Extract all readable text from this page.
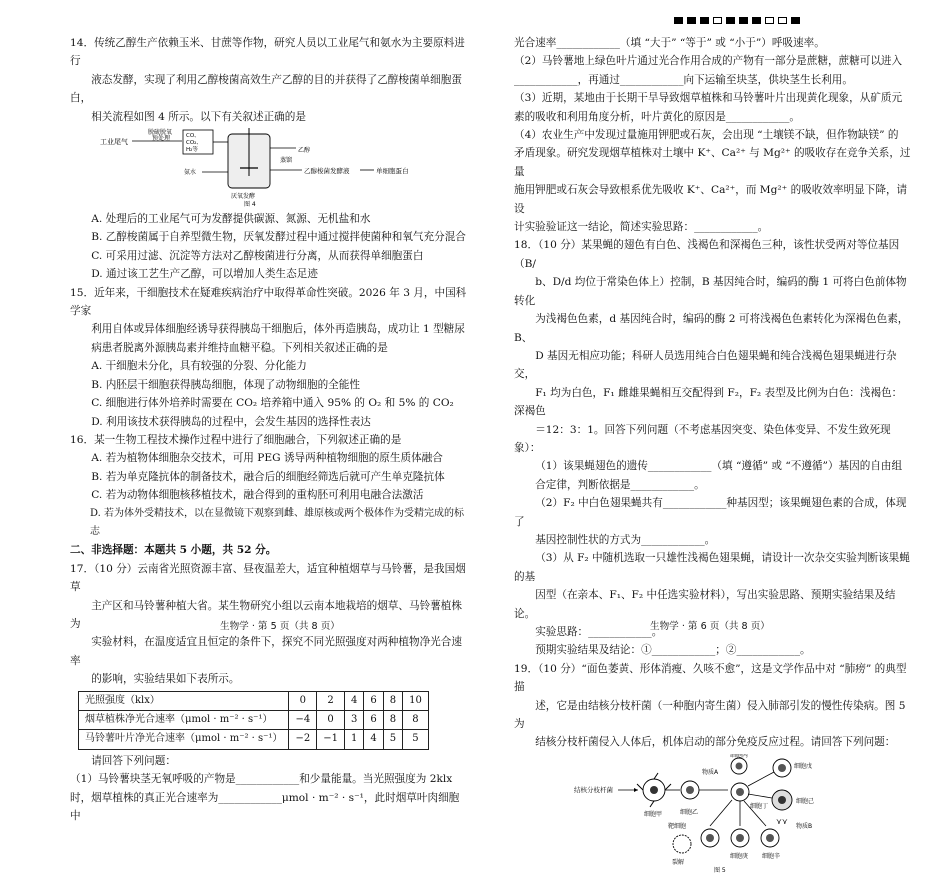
14．传统乙醇生产依赖玉米、甘蔗等作物，研究人员以工业尾气和氨水为主要原料进行

液态发酵，实现了利用乙醇梭菌高效生产乙醇的目的并获得了乙醇梭菌单细胞蛋白，

相关流程如图 4 所示。以下有关叙述正确的是

工业尾气
脱硫脱氧
预处理	CO、
CO₂、
H₂等
氨水
厌氧发酵
乙醇
蒸馏
乙醇梭菌发酵液	单细胞蛋白
图 4

A. 处理后的工业尾气可为发酵提供碳源、氮源、无机盐和水

B. 乙醇梭菌属于自养型微生物，厌氧发酵过程中通过搅拌使菌种和氧气充分混合

C. 可采用过滤、沉淀等方法对乙醇梭菌进行分离，从而获得单细胞蛋白

D. 通过该工艺生产乙醇，可以增加人类生态足迹

15．近年来，干细胞技术在疑难疾病治疗中取得革命性突破。2026 年 3 月，中国科学家

利用自体或异体细胞经诱导获得胰岛干细胞后，体外再造胰岛，成功让 1 型糖尿

病患者脱离外源胰岛素并维持血糖平稳。下列相关叙述正确的是

A. 干细胞未分化，具有较强的分裂、分化能力

B. 内胚层干细胞获得胰岛细胞，体现了动物细胞的全能性

C. 细胞进行体外培养时需要在 CO₂ 培养箱中通入 95% 的 O₂ 和 5% 的 CO₂

D. 利用该技术获得胰岛的过程中，会发生基因的选择性表达

16．某一生物工程技术操作过程中进行了细胞融合，下列叙述正确的是

A. 若为植物体细胞杂交技术，可用 PEG 诱导两种植物细胞的原生质体融合

B. 若为单克隆抗体的制备技术，融合后的细胞经筛选后就可产生单克隆抗体

C. 若为动物体细胞核移植技术，融合得到的重构胚可利用电融合法激活

D. 若为体外受精技术，以在显微镜下观察到雌、雄原核或两个极体作为受精完成的标志

二、非选择题：本题共 5 小题，共 52 分。

17．（10 分）云南省光照资源丰富、昼夜温差大，适宜种植烟草与马铃薯，是我国烟草

主产区和马铃薯种植大省。某生物研究小组以云南本地栽培的烟草、马铃薯植株为

实验材料，在温度适宜且恒定的条件下，探究不同光照强度对两种植物净光合速率

的影响，实验结果如下表所示。

光照强度（klx）	0	2	4	6	8	10
烟草植株净光合速率（μmol · m⁻² · s⁻¹）	−4	0	3	6	8	8
马铃薯叶片净光合速率（μmol · m⁻² · s⁻¹）	−2	−1	1	4	5	5

请回答下列问题：

（1）马铃薯块茎无氧呼吸的产物是____________和少量能量。当光照强度为 2klx

时，烟草植株的真正光合速率为____________μmol · m⁻² · s⁻¹，此时烟草叶肉细胞中

光合速率____________（填 “大于” “等于” 或 “小于”）呼吸速率。

（2）马铃薯地上绿色叶片通过光合作用合成的产物有一部分是蔗糖，蔗糖可以进入

____________，再通过____________向下运输至块茎，供块茎生长利用。

（3）近期，某地由于长期干旱导致烟草植株和马铃薯叶片出现黄化现象，从矿质元

素的吸收和利用角度分析，叶片黄化的原因是____________。

（4）农业生产中发现过量施用钾肥或石灰，会出现 “土壤镁不缺，但作物缺镁” 的

矛盾现象。研究发现烟草植株对土壤中 K⁺、Ca²⁺ 与 Mg²⁺ 的吸收存在竞争关系，过量

施用钾肥或石灰会导致根系优先吸收 K⁺、Ca²⁺，而 Mg²⁺ 的吸收效率明显下降，请设

计实验验证这一结论，简述实验思路：____________。

18．（10 分）某果蝇的翅色有白色、浅褐色和深褐色三种，该性状受两对等位基因（B/

b、D/d 均位于常染色体上）控制，B 基因纯合时，编码的酶 1 可将白色前体物转化

为浅褐色色素，d 基因纯合时，编码的酶 2 可将浅褐色色素转化为深褐色色素，B、

D 基因无相应功能；科研人员选用纯合白色翅果蝇和纯合浅褐色翅果蝇进行杂交，

F₁ 均为白色，F₁ 雌雄果蝇相互交配得到 F₂，F₂ 表型及比例为白色：浅褐色：深褐色

＝12：3：1。回答下列问题（不考虑基因突变、染色体变异、不发生致死现象）：

（1）该果蝇翅色的遗传____________（填 “遵循” 或 “不遵循”）基因的自由组

合定律，判断依据是____________。

（2）F₂ 中白色翅果蝇共有____________种基因型；该果蝇翅色素的合成，体现了

基因控制性状的方式为____________。

（3）从 F₂ 中随机选取一只雄性浅褐色翅果蝇，请设计一次杂交实验判断该果蝇的基

因型（在亲本、F₁、F₂ 中任选实验材料），写出实验思路、预期实验结果及结论。

实验思路：____________。

预期实验结果及结论：①____________；②____________。

19．（10 分）“面色萎黄、形体消瘦、久咳不愈”，这是文学作品中对 “肺痨” 的典型描

述，它是由结核分枝杆菌（一种胞内寄生菌）侵入肺部引发的慢性传染病。图 5 为

结核分枝杆菌侵入人体后，机体启动的部分免疫反应过程。请回答下列问题：

结核分枝杆菌
细胞甲	细胞乙
物质A
细胞丙
细胞丁
细胞戊
细胞己
物质B
⋎⋎
靶细胞
裂解
细胞庚 细胞辛
图 5
生物学 · 第 5 页（共 8 页）	生物学 · 第 6 页（共 8 页）
